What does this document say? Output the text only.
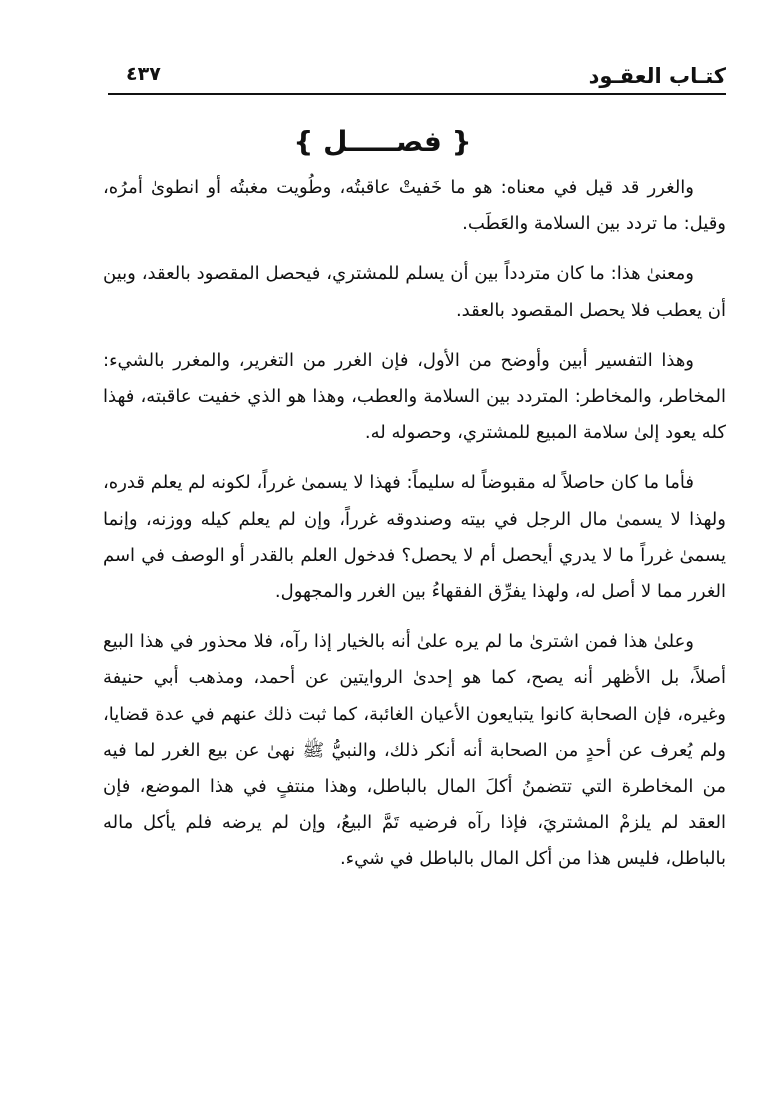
كتـاب العقـود
٤٣٧
{ فصـــــل }

والغرر قد قيل في معناه: هو ما خَفيتْ عاقبتُه، وطُويت مغبتُه أو انطوىٰ أمرُه، وقيل: ما تردد بين السلامة والعَطَب.

ومعنىٰ هذا: ما كان متردداً بين أن يسلم للمشتري، فيحصل المقصود بالعقد، وبين أن يعطب فلا يحصل المقصود بالعقد.

وهذا التفسير أبين وأوضح من الأول، فإن الغرر من التغرير، والمغرر بالشيء: المخاطر، والمخاطر: المتردد بين السلامة والعطب، وهذا هو الذي خفيت عاقبته، فهذا كله يعود إلىٰ سلامة المبيع للمشتري، وحصوله له.

فأما ما كان حاصلاً له مقبوضاً له سليماً: فهذا لا يسمىٰ غرراً، لكونه لم يعلم قدره، ولهذا لا يسمىٰ مال الرجل في بيته وصندوقه غرراً، وإن لم يعلم كيله ووزنه، وإنما يسمىٰ غرراً ما لا يدري أيحصل أم لا يحصل؟ فدخول العلم بالقدر أو الوصف في اسم الغرر مما لا أصل له، ولهذا يفرِّق الفقهاءُ بين الغرر والمجهول.

وعلىٰ هذا فمن اشترىٰ ما لم يره علىٰ أنه بالخيار إذا رآه، فلا محذور في هذا البيع أصلاً، بل الأظهر أنه يصح، كما هو إحدىٰ الروايتين عن أحمد، ومذهب أبي حنيفة وغيره، فإن الصحابة كانوا يتبايعون الأعيان الغائبة، كما ثبت ذلك عنهم في عدة قضايا، ولم يُعرف عن أحدٍ من الصحابة أنه أنكر ذلك، والنبيُّ ﷺ نهىٰ عن بيع الغرر لما فيه من المخاطرة التي تتضمنُ أكلَ المال بالباطل، وهذا منتفٍ في هذا الموضع، فإن العقد لم يلزمْ المشتريَ، فإذا رآه فرضيه تَمَّ البيعُ، وإن لم يرضه فلم يأكل ماله بالباطل، فليس هذا من أكل المال بالباطل في شيء.
